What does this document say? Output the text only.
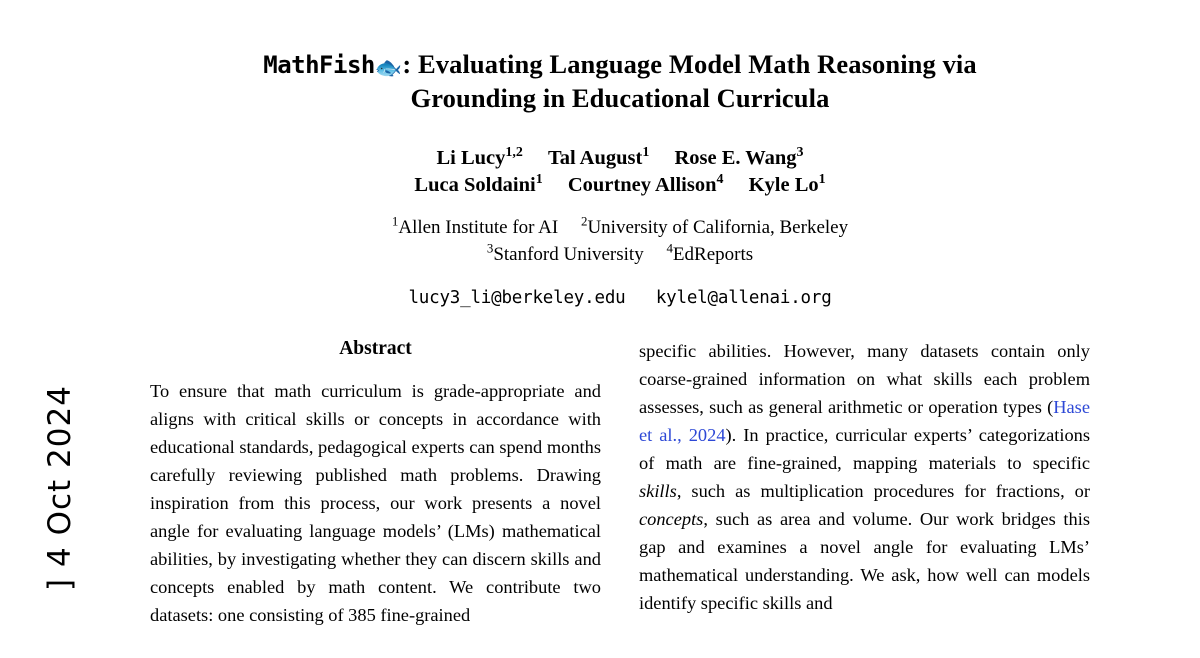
] 4 Oct 2024
MathFish🐟: Evaluating Language Model Math Reasoning via
Grounding in Educational Curricula
Li Lucy$^{1,2}$ Tal August$^1$ Rose E. Wang$^3$
Luca Soldaini$^1$ Courtney Allison$^4$ Kyle Lo$^1$
$^1$Allen Institute for AI $^2$University of California, Berkeley
$^3$Stanford University $^4$EdReports
lucy3_li@berkeley.edu kylel@allenai.org
Abstract
To ensure that math curriculum is grade-appropriate and aligns with critical skills or concepts in accordance with educational standards, pedagogical experts can spend months carefully reviewing published math problems. Drawing inspiration from this process, our work presents a novel angle for evaluating language models’ (LMs) mathematical abilities, by investigating whether they can discern skills and concepts enabled by math content. We contribute two datasets: one consisting of 385 fine-grained
specific abilities. However, many datasets contain only coarse-grained information on what skills each problem assesses, such as general arithmetic or operation types (Hase et al., 2024). In practice, curricular experts’ categorizations of math are fine-grained, mapping materials to specific skills, such as multiplication procedures for fractions, or concepts, such as area and volume. Our work bridges this gap and examines a novel angle for evaluating LMs’ mathematical understanding. We ask, how well can models identify specific skills and
